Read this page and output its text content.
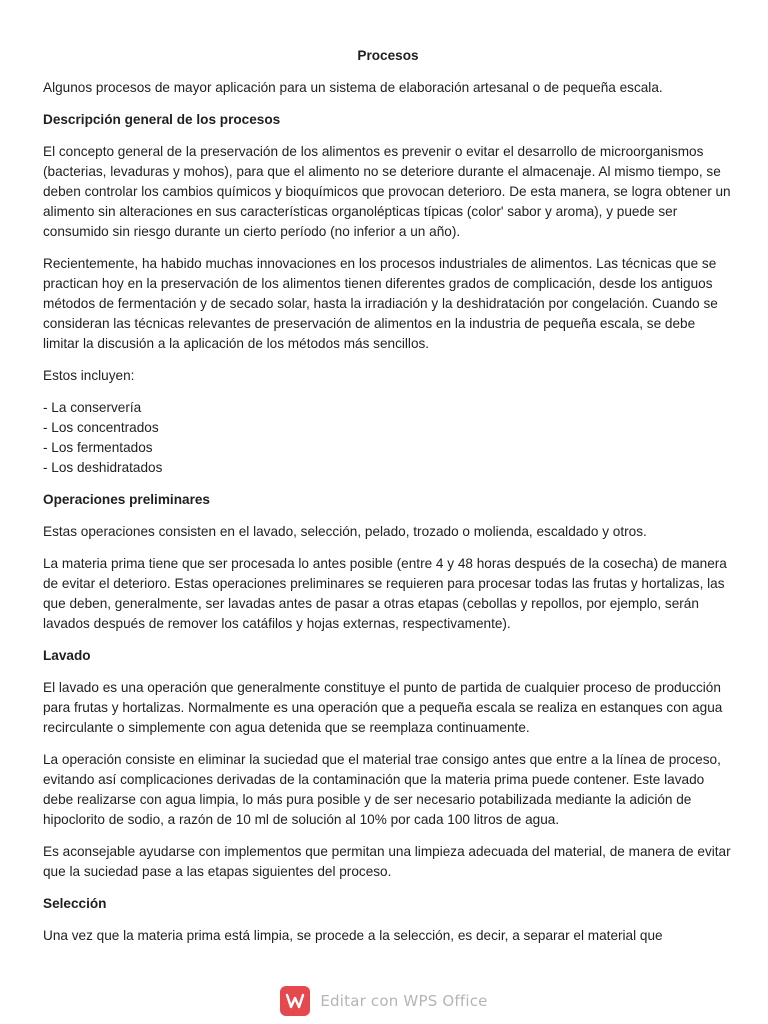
Procesos
Algunos procesos de mayor aplicación para un sistema de elaboración artesanal o de pequeña escala.
Descripción general de los procesos
El concepto general de la preservación de los alimentos es prevenir o evitar el desarrollo de microorganismos (bacterias, levaduras y mohos), para que el alimento no se deteriore durante el almacenaje. Al mismo tiempo, se deben controlar los cambios químicos y bioquímicos que provocan deterioro. De esta manera, se logra obtener un alimento sin alteraciones en sus características organolépticas típicas (color' sabor y aroma), y puede ser consumido sin riesgo durante un cierto período (no inferior a un año).
Recientemente, ha habido muchas innovaciones en los procesos industriales de alimentos. Las técnicas que se practican hoy en la preservación de los alimentos tienen diferentes grados de complicación, desde los antiguos métodos de fermentación y de secado solar, hasta la irradiación y la deshidratación por congelación. Cuando se consideran las técnicas relevantes de preservación de alimentos en la industria de pequeña escala, se debe limitar la discusión a la aplicación de los métodos más sencillos.
Estos incluyen:
- La conservería
- Los concentrados
- Los fermentados
- Los deshidratados
Operaciones preliminares
Estas operaciones consisten en el lavado, selección, pelado, trozado o molienda, escaldado y otros.
La materia prima tiene que ser procesada lo antes posible (entre 4 y 48 horas después de la cosecha) de manera de evitar el deterioro. Estas operaciones preliminares se requieren para procesar todas las frutas y hortalizas, las que deben, generalmente, ser lavadas antes de pasar a otras etapas (cebollas y repollos, por ejemplo, serán lavados después de remover los catáfilos y hojas externas, respectivamente).
Lavado
El lavado es una operación que generalmente constituye el punto de partida de cualquier proceso de producción para frutas y hortalizas. Normalmente es una operación que a pequeña escala se realiza en estanques con agua recirculante o simplemente con agua detenida que se reemplaza continuamente.
La operación consiste en eliminar la suciedad que el material trae consigo antes que entre a la línea de proceso, evitando así complicaciones derivadas de la contaminación que la materia prima puede contener. Este lavado debe realizarse con agua limpia, lo más pura posible y de ser necesario potabilizada mediante la adición de hipoclorito de sodio, a razón de 10 ml de solución al 10% por cada 100 litros de agua.
Es aconsejable ayudarse con implementos que permitan una limpieza adecuada del material, de manera de evitar que la suciedad pase a las etapas siguientes del proceso.
Selección
Una vez que la materia prima está limpia, se procede a la selección, es decir, a separar el material que
Editar con WPS Office
